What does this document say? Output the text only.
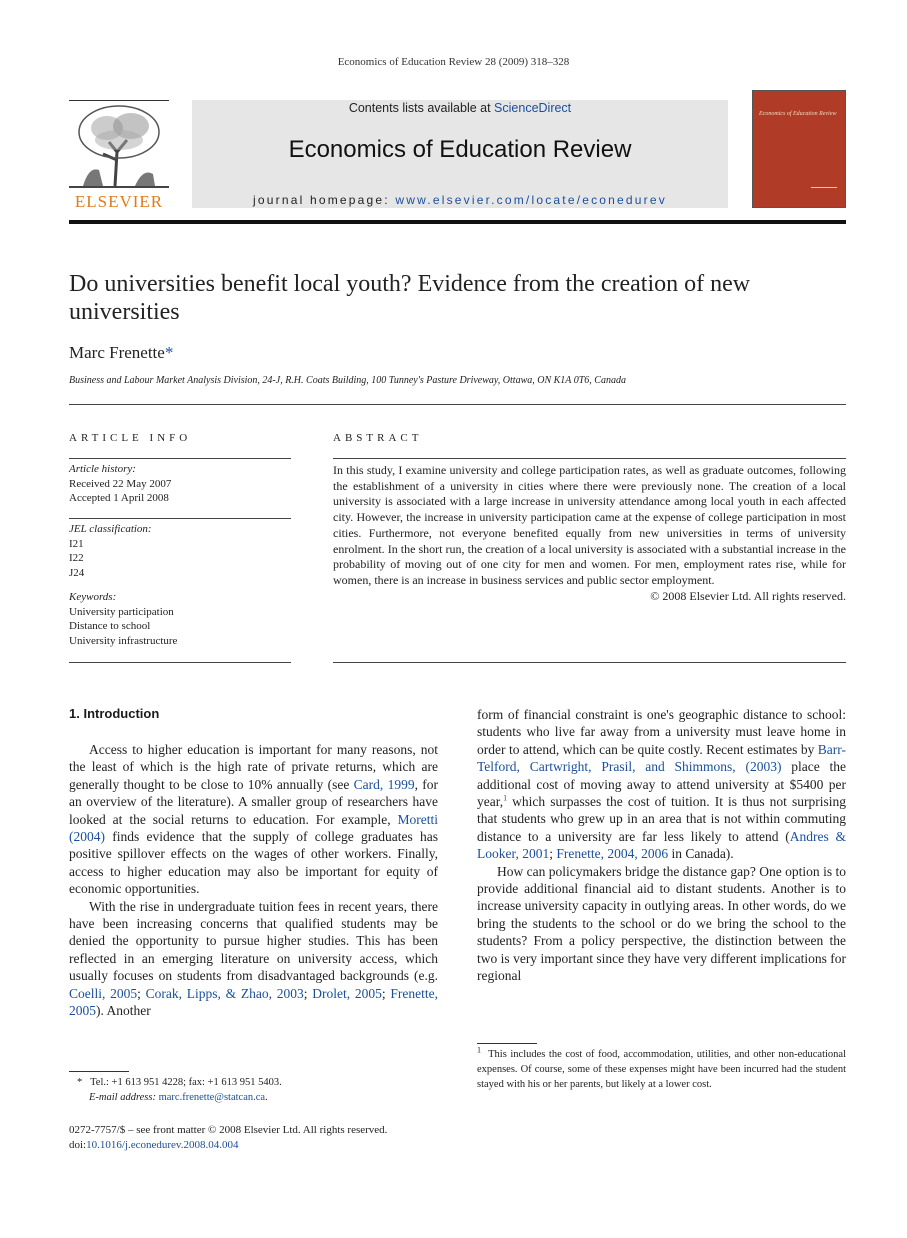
Economics of Education Review 28 (2009) 318–328
ELSEVIER
Contents lists available at ScienceDirect
Economics of Education Review
journal homepage: www.elsevier.com/locate/econedurev
Economics of Education Review
Do universities benefit local youth? Evidence from the creation of new universities
Marc Frenette*
Business and Labour Market Analysis Division, 24-J, R.H. Coats Building, 100 Tunney's Pasture Driveway, Ottawa, ON K1A 0T6, Canada
ARTICLE INFO	ABSTRACT
Article history:
Received 22 May 2007
Accepted 1 April 2008
JEL classification:
I21
I22
J24
Keywords:
University participation
Distance to school
University infrastructure
In this study, I examine university and college participation rates, as well as graduate outcomes, following the establishment of a university in cities where there were previously none. The creation of a local university is associated with a large increase in university attendance among local youth in each affected city. However, the increase in university participation came at the expense of college participation in most cities. Furthermore, not everyone benefited equally from new universities in terms of university enrolment. In the short run, the creation of a local university is associated with a substantial increase in the probability of moving out of one city for men and women. For men, employment rates rise, while for women, there is an increase in business services and public sector employment.
© 2008 Elsevier Ltd. All rights reserved.
1. Introduction

Access to higher education is important for many reasons, not the least of which is the high rate of private returns, which are generally thought to be close to 10% annually (see Card, 1999, for an overview of the literature). A smaller group of researchers have looked at the social returns to education. For example, Moretti (2004) finds evidence that the supply of college graduates has positive spillover effects on the wages of other workers. Finally, access to higher education may also be important for equity of economic opportunities.

With the rise in undergraduate tuition fees in recent years, there have been increasing concerns that qualified students may be denied the opportunity to pursue higher studies. This has been reflected in an emerging literature on university access, which usually focuses on students from disadvantaged backgrounds (e.g. Coelli, 2005; Corak, Lipps, & Zhao, 2003; Drolet, 2005; Frenette, 2005). Another

form of financial constraint is one's geographic distance to school: students who live far away from a university must leave home in order to attend, which can be quite costly. Recent estimates by Barr-Telford, Cartwright, Prasil, and Shimmons, (2003) place the additional cost of moving away to attend university at $5400 per year,$^1$ which surpasses the cost of tuition. It is thus not surprising that students who grew up in an area that is not within commuting distance to a university are far less likely to attend (Andres & Looker, 2001; Frenette, 2004, 2006 in Canada).

How can policymakers bridge the distance gap? One option is to provide additional financial aid to distant students. Another is to increase university capacity in outlying areas. In other words, do we bring the students to the school or do we bring the school to the students? From a policy perspective, the distinction between the two is very important since they have very different implications for regional

$^1$ This includes the cost of food, accommodation, utilities, and other non-educational expenses. Of course, some of these expenses might have been incurred had the student stayed with his or her parents, but likely at a lower cost.
* Tel.: +1 613 951 4228; fax: +1 613 951 5403.
E-mail address: marc.frenette@statcan.ca.
0272-7757/$ – see front matter © 2008 Elsevier Ltd. All rights reserved.
doi:10.1016/j.econedurev.2008.04.004
